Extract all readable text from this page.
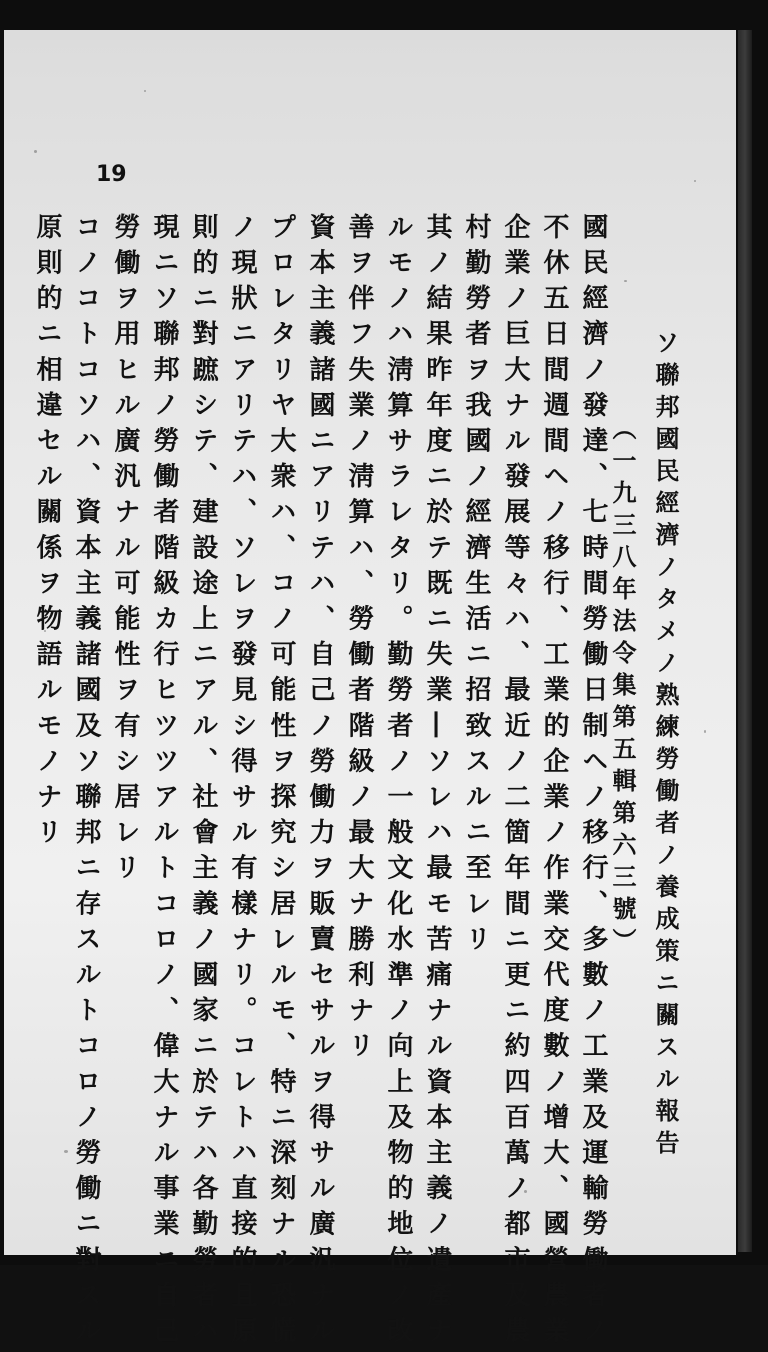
19
ソ聯邦國民經濟ノタメノ熟練勞働者ノ養成策ニ關スル報告
（一九三八年法令集第五輯第六三號）
國民經濟ノ發達、七時間勞働日制ヘノ移行、多數ノ工業及運輸勞働者ノ
不休五日間週間ヘノ移行、工業的企業ノ作業交代度數ノ增大、國營農業
企業ノ巨大ナル發展等々ハ、最近ノ二箇年間ニ更ニ約四百萬ノ都市及農
村勤勞者ヲ我國ノ經濟生活ニ招致スルニ至レリ
其ノ結果昨年度ニ於テ既ニ失業―ソレハ最モ苦痛ナル資本主義ノ遺產ナ
ルモノハ淸算サラレタリ。勤勞者ノ一般文化水準ノ向上及物的地位ノ改
善ヲ伴フ失業ノ淸算ハ、勞働者階級ノ最大ナ勝利ナリ
資本主義諸國ニアリテハ、自己ノ勞働力ヲ販賣セサルヲ得サル廣汎ナル
プロレタリヤ大衆ハ、コノ可能性ヲ探究シ居レルモ、特ニ深刻ナル恐慌
ノ現狀ニアリテハ、ソレヲ發見シ得サル有樣ナリ。コレトハ直接的且原
則的ニ對蹠シテ、建設途上ニアル、社會主義ノ國家ニ於テハ各勤勞者ハ
現ニソ聯邦ノ勞働者階級カ行ヒツツアルトコロノ、偉大ナル事業ニ自己
勞働ヲ用ヒル廣汎ナル可能性ヲ有シ居レリ
コノコトコソハ、資本主義諸國及ソ聯邦ニ存スルトコロノ勞働ニ對スル
原則的ニ相違セル關係ヲ物語ルモノナリ
